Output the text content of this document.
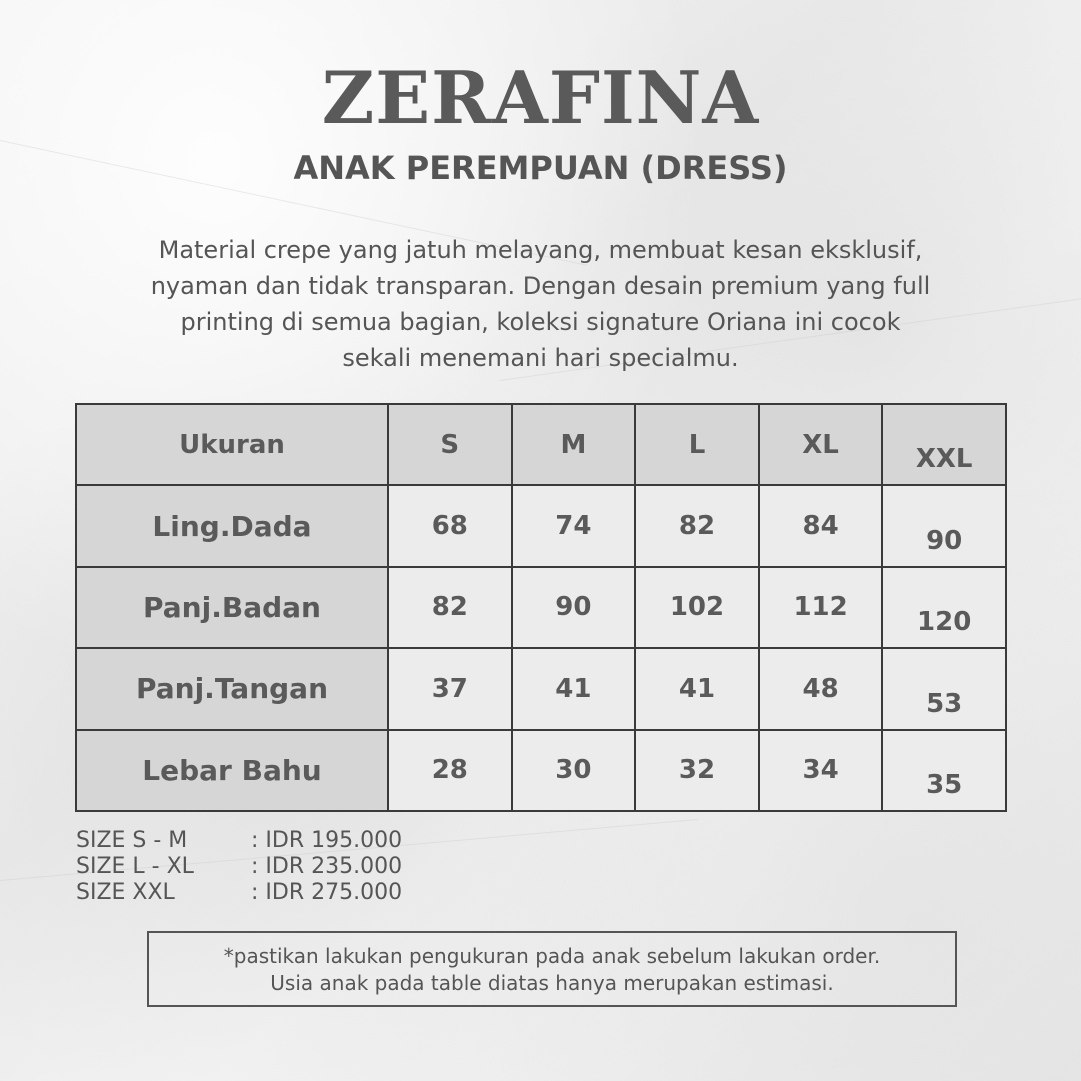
ZERAFINA
ANAK PEREMPUAN (DRESS)
Material crepe yang jatuh melayang, membuat kesan eksklusif,
nyaman dan tidak transparan. Dengan desain premium yang full
printing di semua bagian, koleksi signature Oriana ini cocok
sekali menemani hari specialmu.
Ukuran	S	M	L	XL	XXL
Ling.Dada	68	74	82	84	90
Panj.Badan	82	90	102	112	120
Panj.Tangan	37	41	41	48	53
Lebar Bahu	28	30	32	34	35
SIZE S - M	: IDR 195.000
SIZE L - XL	: IDR 235.000
SIZE XXL	: IDR 275.000
*pastikan lakukan pengukuran pada anak sebelum lakukan order.
Usia anak pada table diatas hanya merupakan estimasi.
